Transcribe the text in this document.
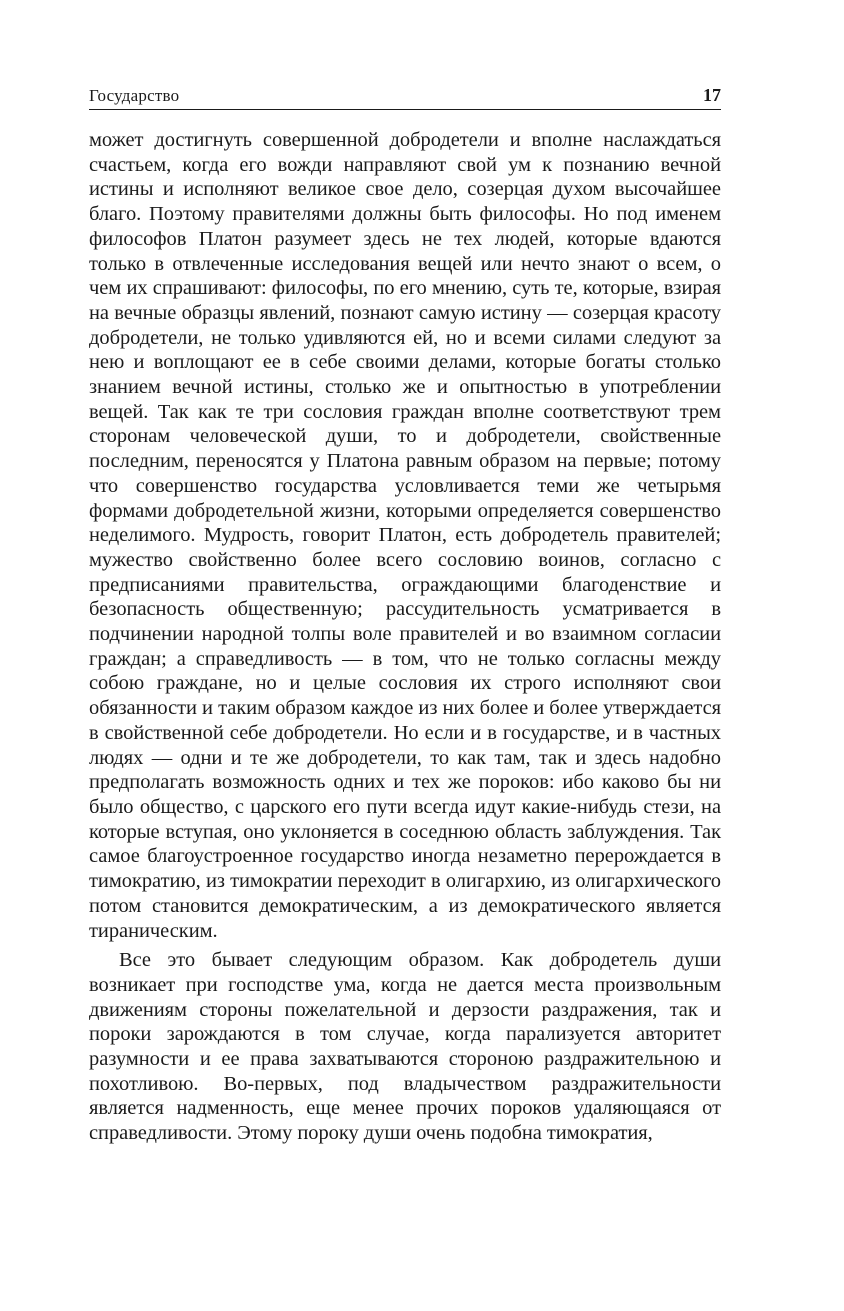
Государство	17

может достигнуть совершенной добродетели и вполне наслаждаться счастьем, когда его вожди направляют свой ум к познанию вечной истины и исполняют великое свое дело, созерцая духом высочайшее благо. Поэтому правителями должны быть философы. Но под именем философов Платон разумеет здесь не тех людей, которые вдаются только в отвлеченные исследования вещей или нечто знают о всем, о чем их спрашивают: философы, по его мнению, суть те, которые, взирая на вечные образцы явлений, познают самую истину — созерцая красоту добродетели, не только удивляются ей, но и всеми силами следуют за нею и воплощают ее в себе своими делами, которые богаты столько знанием вечной истины, столько же и опытностью в употреблении вещей. Так как те три сословия граждан вполне соответствуют трем сторонам человеческой души, то и добродетели, свойственные последним, переносятся у Платона равным образом на первые; потому что совершенство государства условливается теми же четырьмя формами добродетельной жизни, которыми определяется совершенство неделимого. Мудрость, говорит Платон, есть добродетель правителей; мужество свойственно более всего сословию воинов, согласно с предписаниями правительства, ограждающими благоденствие и безопасность общественную; рассудительность усматривается в подчинении народной толпы воле правителей и во взаимном согласии граждан; а справедливость — в том, что не только согласны между собою граждане, но и целые сословия их строго исполняют свои обязанности и таким образом каждое из них более и более утверждается в свойственной себе добродетели. Но если и в государстве, и в частных людях — одни и те же добродетели, то как там, так и здесь надобно предполагать возможность одних и тех же пороков: ибо каково бы ни было общество, с царского его пути всегда идут какие-нибудь стези, на которые вступая, оно уклоняется в соседнюю область заблуждения. Так самое благоустроенное государство иногда незаметно перерождается в тимократию, из тимократии переходит в олигархию, из олигархического потом становится демократическим, а из демократического является тираническим.

Все это бывает следующим образом. Как добродетель души возникает при господстве ума, когда не дается места произвольным движениям стороны пожелательной и дерзости раздражения, так и пороки зарождаются в том случае, когда парализуется авторитет разумности и ее права захватываются стороною раздражительною и похотливою. Во-первых, под владычеством раздражительности является надменность, еще менее прочих пороков удаляющаяся от справедливости. Этому пороку души очень подобна тимократия,
